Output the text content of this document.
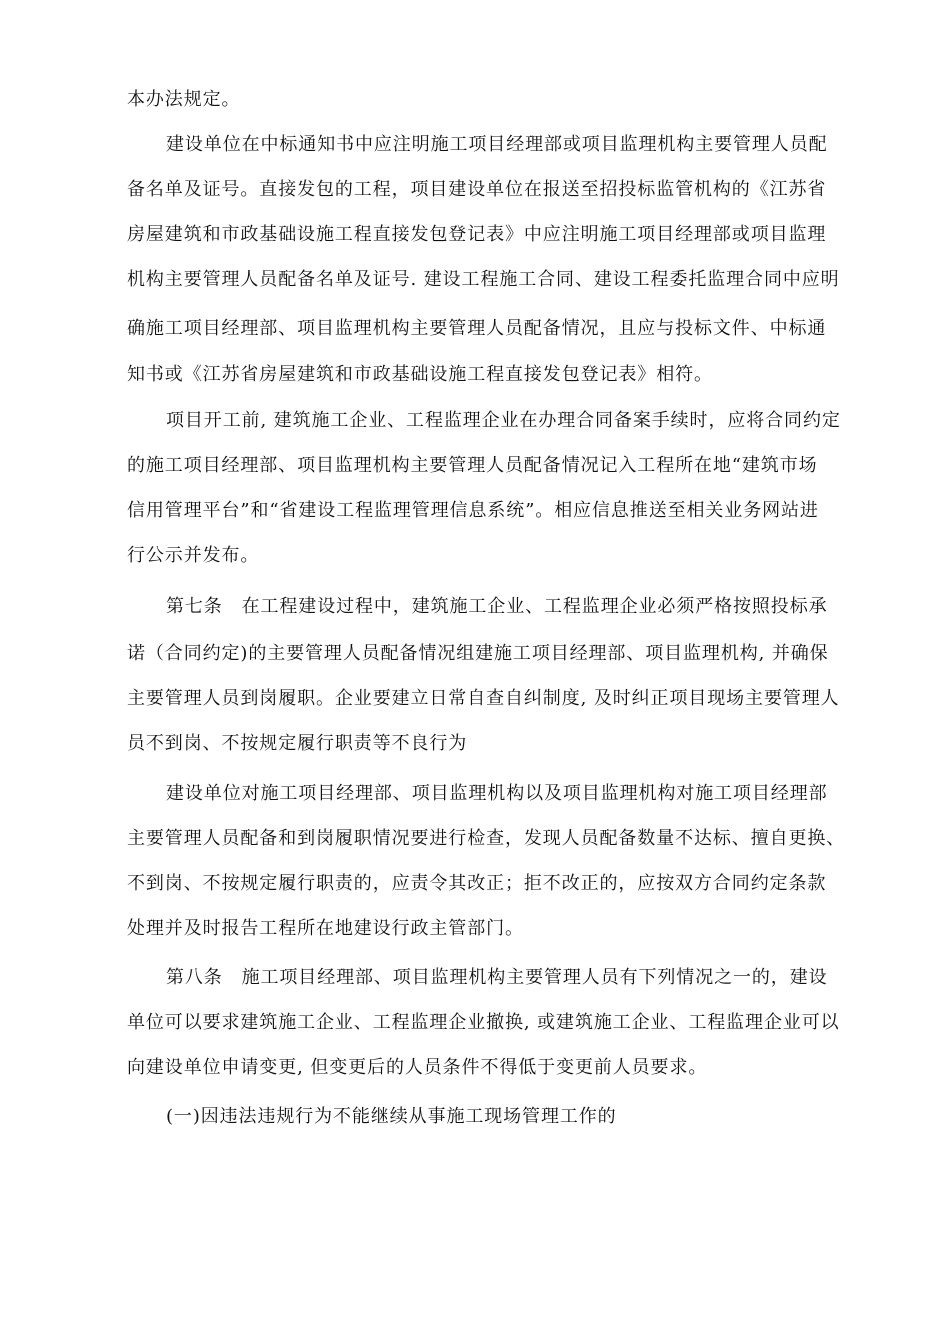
本办法规定。
建设单位在中标通知书中应注明施工项目经理部或项目监理机构主要管理人员配
备名单及证号。直接发包的工程，项目建设单位在报送至招投标监管机构的《江苏省
房屋建筑和市政基础设施工程直接发包登记表》中应注明施工项目经理部或项目监理
机构主要管理人员配备名单及证号. 建设工程施工合同、建设工程委托监理合同中应明
确施工项目经理部、项目监理机构主要管理人员配备情况，且应与投标文件、中标通
知书或《江苏省房屋建筑和市政基础设施工程直接发包登记表》相符。
项目开工前, 建筑施工企业、工程监理企业在办理合同备案手续时，应将合同约定
的施工项目经理部、项目监理机构主要管理人员配备情况记入工程所在地“建筑市场
信用管理平台”和“省建设工程监理管理信息系统”。相应信息推送至相关业务网站进
行公示并发布。
第七条　在工程建设过程中，建筑施工企业、工程监理企业必须严格按照投标承
诺（合同约定)的主要管理人员配备情况组建施工项目经理部、项目监理机构, 并确保
主要管理人员到岗履职。企业要建立日常自查自纠制度, 及时纠正项目现场主要管理人
员不到岗、不按规定履行职责等不良行为
建设单位对施工项目经理部、项目监理机构以及项目监理机构对施工项目经理部
主要管理人员配备和到岗履职情况要进行检查，发现人员配备数量不达标、擅自更换、
不到岗、不按规定履行职责的，应责令其改正；拒不改正的，应按双方合同约定条款
处理并及时报告工程所在地建设行政主管部门。
第八条　施工项目经理部、项目监理机构主要管理人员有下列情况之一的，建设
单位可以要求建筑施工企业、工程监理企业撤换, 或建筑施工企业、工程监理企业可以
向建设单位申请变更, 但变更后的人员条件不得低于变更前人员要求。
(一)因违法违规行为不能继续从事施工现场管理工作的
